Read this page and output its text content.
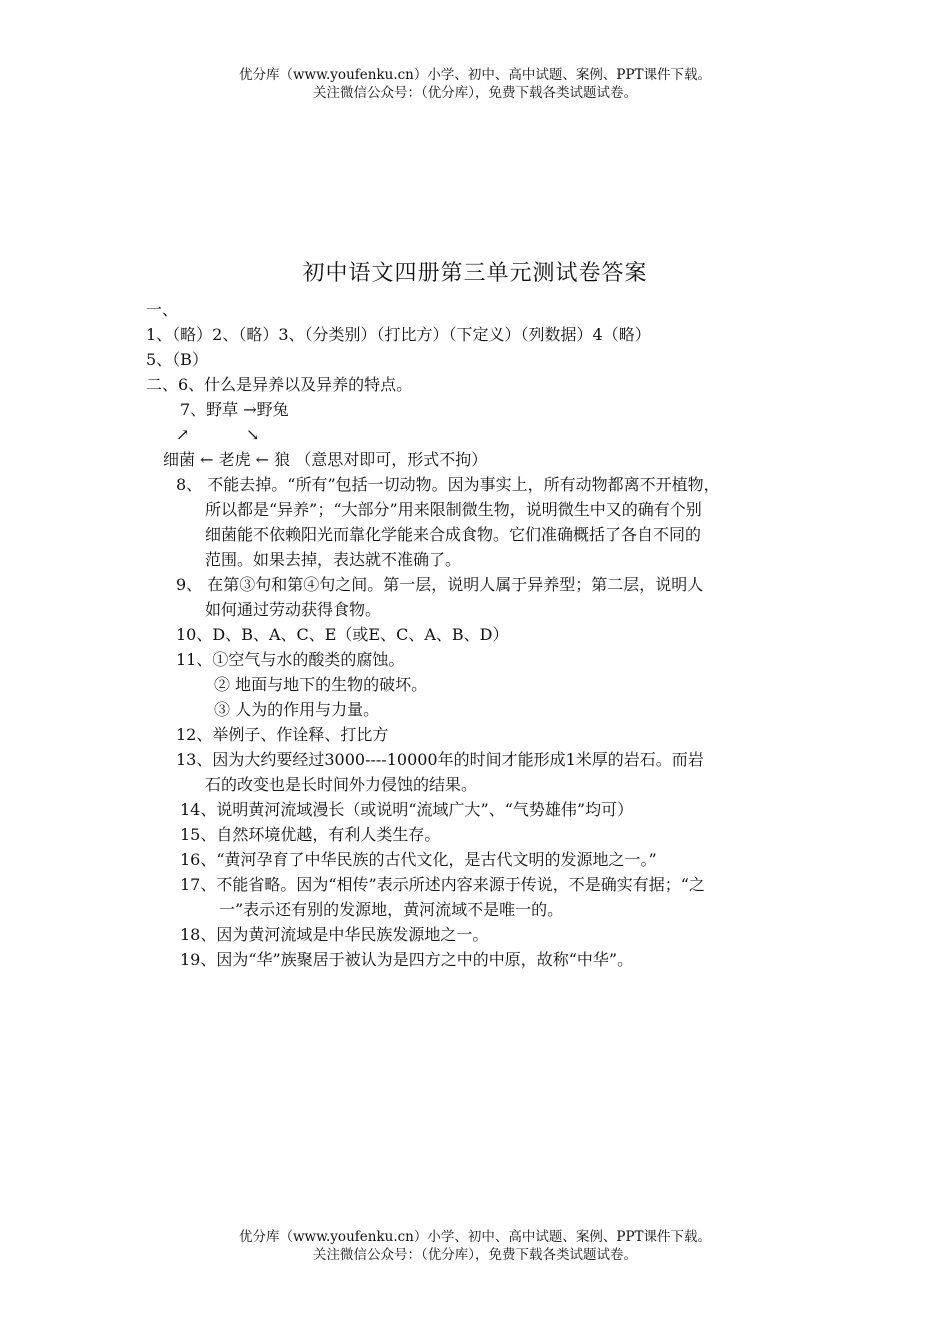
优分库（www.youfenku.cn）小学、初中、高中试题、案例、PPT课件下载。
关注微信公众号：（优分库），免费下载各类试题试卷。
初中语文四册第三单元测试卷答案
一、
1、（略）2、（略）3、（分类别）（打比方）（下定义）（列数据）4（略）
5、（B）
二、6、什么是异养以及异养的特点。
7、野草 →野兔
↗	↘
细菌 ← 老虎 ← 狼 （意思对即可，形式不拘）
8、 不能去掉。“所有”包括一切动物。因为事实上，所有动物都离不开植物，
所以都是“异养”；“大部分”用来限制微生物，说明微生中又的确有个别
细菌能不依赖阳光而靠化学能来合成食物。它们准确概括了各自不同的
范围。如果去掉，表达就不准确了。
9、 在第③句和第④句之间。第一层，说明人属于异养型；第二层，说明人
如何通过劳动获得食物。
10、D、B、A、C、E（或E、C、A、B、D）
11、①空气与水的酸类的腐蚀。
② 地面与地下的生物的破坏。
③ 人为的作用与力量。
12、举例子、作诠释、打比方
13、因为大约要经过3000----10000年的时间才能形成1米厚的岩石。而岩
石的改变也是长时间外力侵蚀的结果。
14、说明黄河流域漫长（或说明“流域广大”、“气势雄伟”均可）
15、自然环境优越，有利人类生存。
16、“黄河孕育了中华民族的古代文化，是古代文明的发源地之一。”
17、不能省略。因为“相传”表示所述内容来源于传说，不是确实有据；“之
一”表示还有别的发源地，黄河流域不是唯一的。
18、因为黄河流域是中华民族发源地之一。
19、因为“华”族聚居于被认为是四方之中的中原，故称“中华”。
优分库（www.youfenku.cn）小学、初中、高中试题、案例、PPT课件下载。
关注微信公众号：（优分库），免费下载各类试题试卷。
